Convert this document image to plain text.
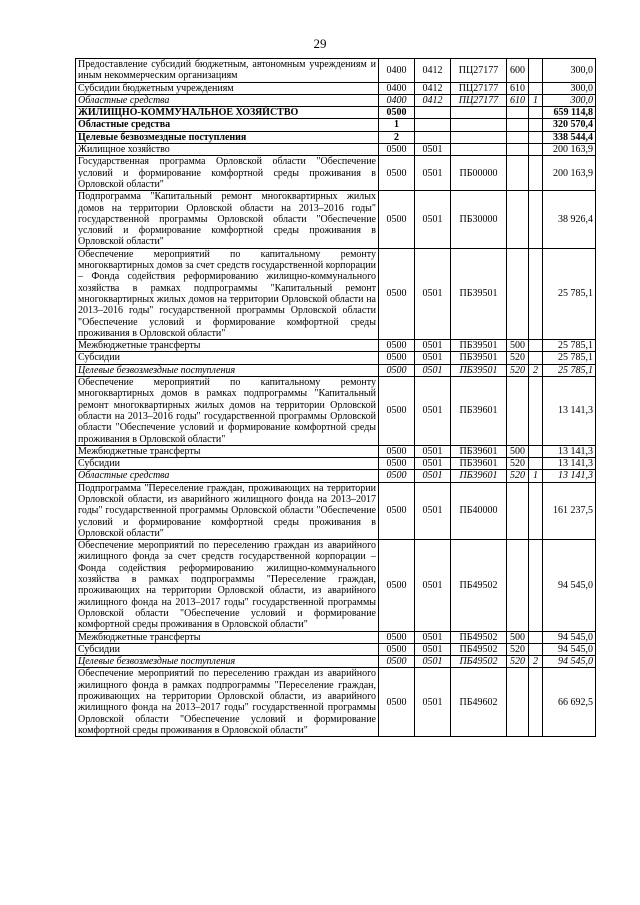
29
Предоставление субсидий бюджетным, автономным учреждениям и иным некоммерческим организациям	0400	0412	ПЦ27177	600		300,0
Субсидии бюджетным учреждениям	0400	0412	ПЦ27177	610		300,0
Областные средства	0400	0412	ПЦ27177	610	1	300,0
ЖИЛИЩНО-КОММУНАЛЬНОЕ ХОЗЯЙСТВО	0500					659 114,8
Областные средства	1					320 570,4
Целевые безвозмездные поступления	2					338 544,4
Жилищное хозяйство	0500	0501				200 163,9
Государственная программа Орловской области "Обеспечение условий и формирование комфортной среды проживания в Орловской области"	0500	0501	ПБ00000			200 163,9
Подпрограмма "Капитальный ремонт многоквартирных жилых домов на территории Орловской области на 2013–2016 годы" государственной программы Орловской области "Обеспечение условий и формирование комфортной среды проживания в Орловской области"	0500	0501	ПБ30000			38 926,4
Обеспечение мероприятий по капитальному ремонту многоквартирных домов за счет средств государственной корпорации – Фонда содействия реформированию жилищно-коммунального хозяйства в рамках подпрограммы "Капитальный ремонт многоквартирных жилых домов на территории Орловской области на 2013–2016 годы" государственной программы Орловской области "Обеспечение условий и формирование комфортной среды проживания в Орловской области"	0500	0501	ПБ39501			25 785,1
Межбюджетные трансферты	0500	0501	ПБ39501	500		25 785,1
Субсидии	0500	0501	ПБ39501	520		25 785,1
Целевые безвозмездные поступления	0500	0501	ПБ39501	520	2	25 785,1
Обеспечение мероприятий по капитальному ремонту многоквартирных домов в рамках подпрограммы "Капитальный ремонт многоквартирных жилых домов на территории Орловской области на 2013–2016 годы" государственной программы Орловской области "Обеспечение условий и формирование комфортной среды проживания в Орловской области"	0500	0501	ПБ39601			13 141,3
Межбюджетные трансферты	0500	0501	ПБ39601	500		13 141,3
Субсидии	0500	0501	ПБ39601	520		13 141,3
Областные средства	0500	0501	ПБ39601	520	1	13 141,3
Подпрограмма "Переселение граждан, проживающих на территории Орловской области, из аварийного жилищного фонда на 2013–2017 годы" государственной программы Орловской области "Обеспечение условий и формирование комфортной среды проживания в Орловской области"	0500	0501	ПБ40000			161 237,5
Обеспечение мероприятий по переселению граждан из аварийного жилищного фонда за счет средств государственной корпорации – Фонда содействия реформированию жилищно-коммунального хозяйства в рамках подпрограммы "Переселение граждан, проживающих на территории Орловской области, из аварийного жилищного фонда на 2013–2017 годы" государственной программы Орловской области "Обеспечение условий и формирование комфортной среды проживания в Орловской области"	0500	0501	ПБ49502			94 545,0
Межбюджетные трансферты	0500	0501	ПБ49502	500		94 545,0
Субсидии	0500	0501	ПБ49502	520		94 545,0
Целевые безвозмездные поступления	0500	0501	ПБ49502	520	2	94 545,0
Обеспечение мероприятий по переселению граждан из аварийного жилищного фонда в рамках подпрограммы "Переселение граждан, проживающих на территории Орловской области, из аварийного жилищного фонда на 2013–2017 годы" государственной программы Орловской области "Обеспечение условий и формирование комфортной среды проживания в Орловской области"	0500	0501	ПБ49602			66 692,5
